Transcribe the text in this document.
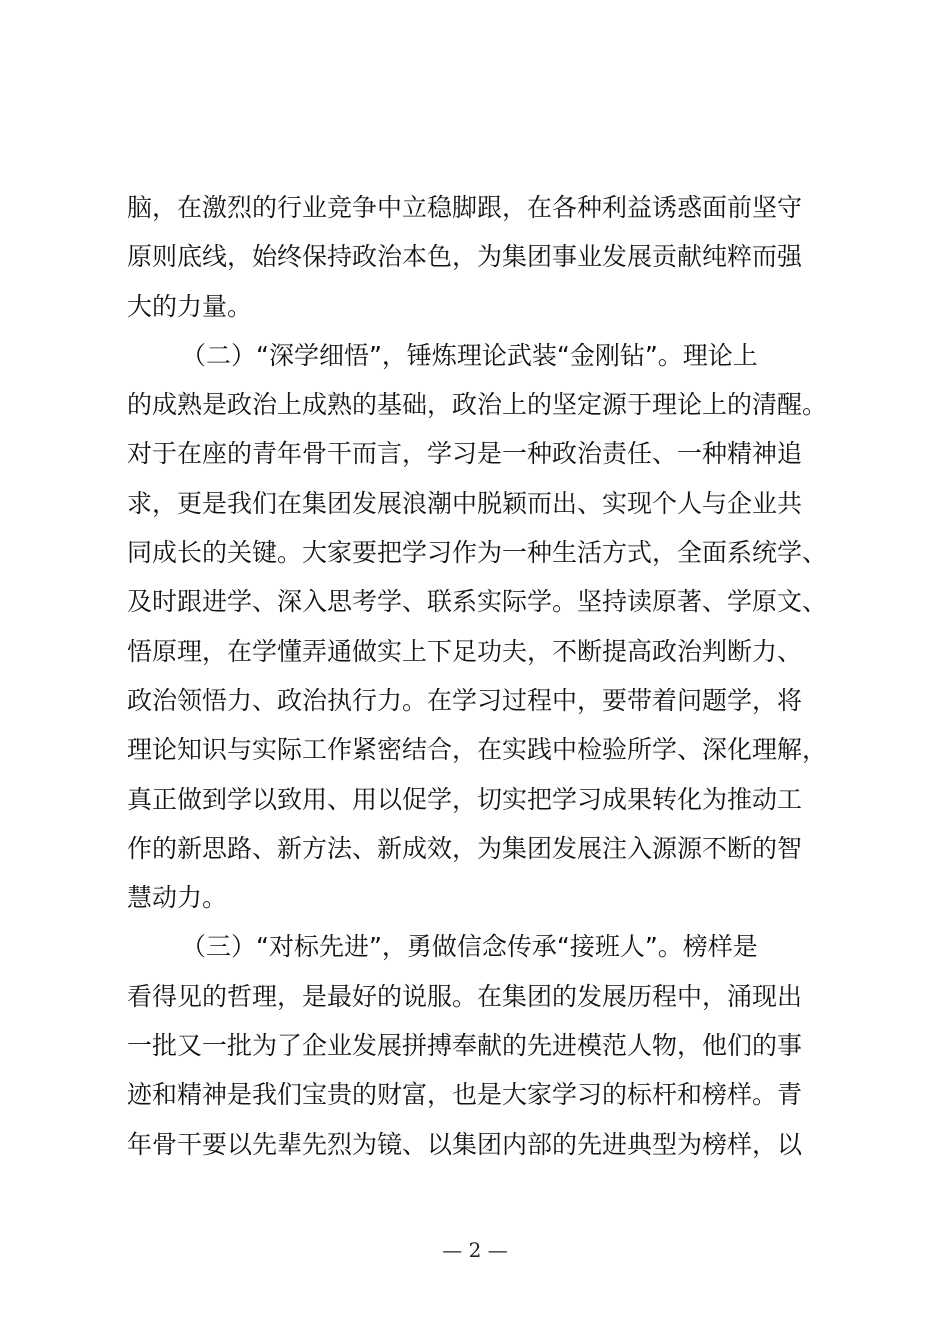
脑，在激烈的行业竞争中立稳脚跟，在各种利益诱惑面前坚守
原则底线，始终保持政治本色，为集团事业发展贡献纯粹而强
大的力量。
（二）“深学细悟”，锤炼理论武装“金刚钻”。理论上
的成熟是政治上成熟的基础，政治上的坚定源于理论上的清醒。
对于在座的青年骨干而言，学习是一种政治责任、一种精神追
求，更是我们在集团发展浪潮中脱颖而出、实现个人与企业共
同成长的关键。大家要把学习作为一种生活方式，全面系统学、
及时跟进学、深入思考学、联系实际学。坚持读原著、学原文、
悟原理，在学懂弄通做实上下足功夫，不断提高政治判断力、
政治领悟力、政治执行力。在学习过程中，要带着问题学，将
理论知识与实际工作紧密结合，在实践中检验所学、深化理解，
真正做到学以致用、用以促学，切实把学习成果转化为推动工
作的新思路、新方法、新成效，为集团发展注入源源不断的智
慧动力。
（三）“对标先进”，勇做信念传承“接班人”。榜样是
看得见的哲理，是最好的说服。在集团的发展历程中，涌现出
一批又一批为了企业发展拼搏奉献的先进模范人物，他们的事
迹和精神是我们宝贵的财富，也是大家学习的标杆和榜样。青
年骨干要以先辈先烈为镜、以集团内部的先进典型为榜样，以
— 2 —
